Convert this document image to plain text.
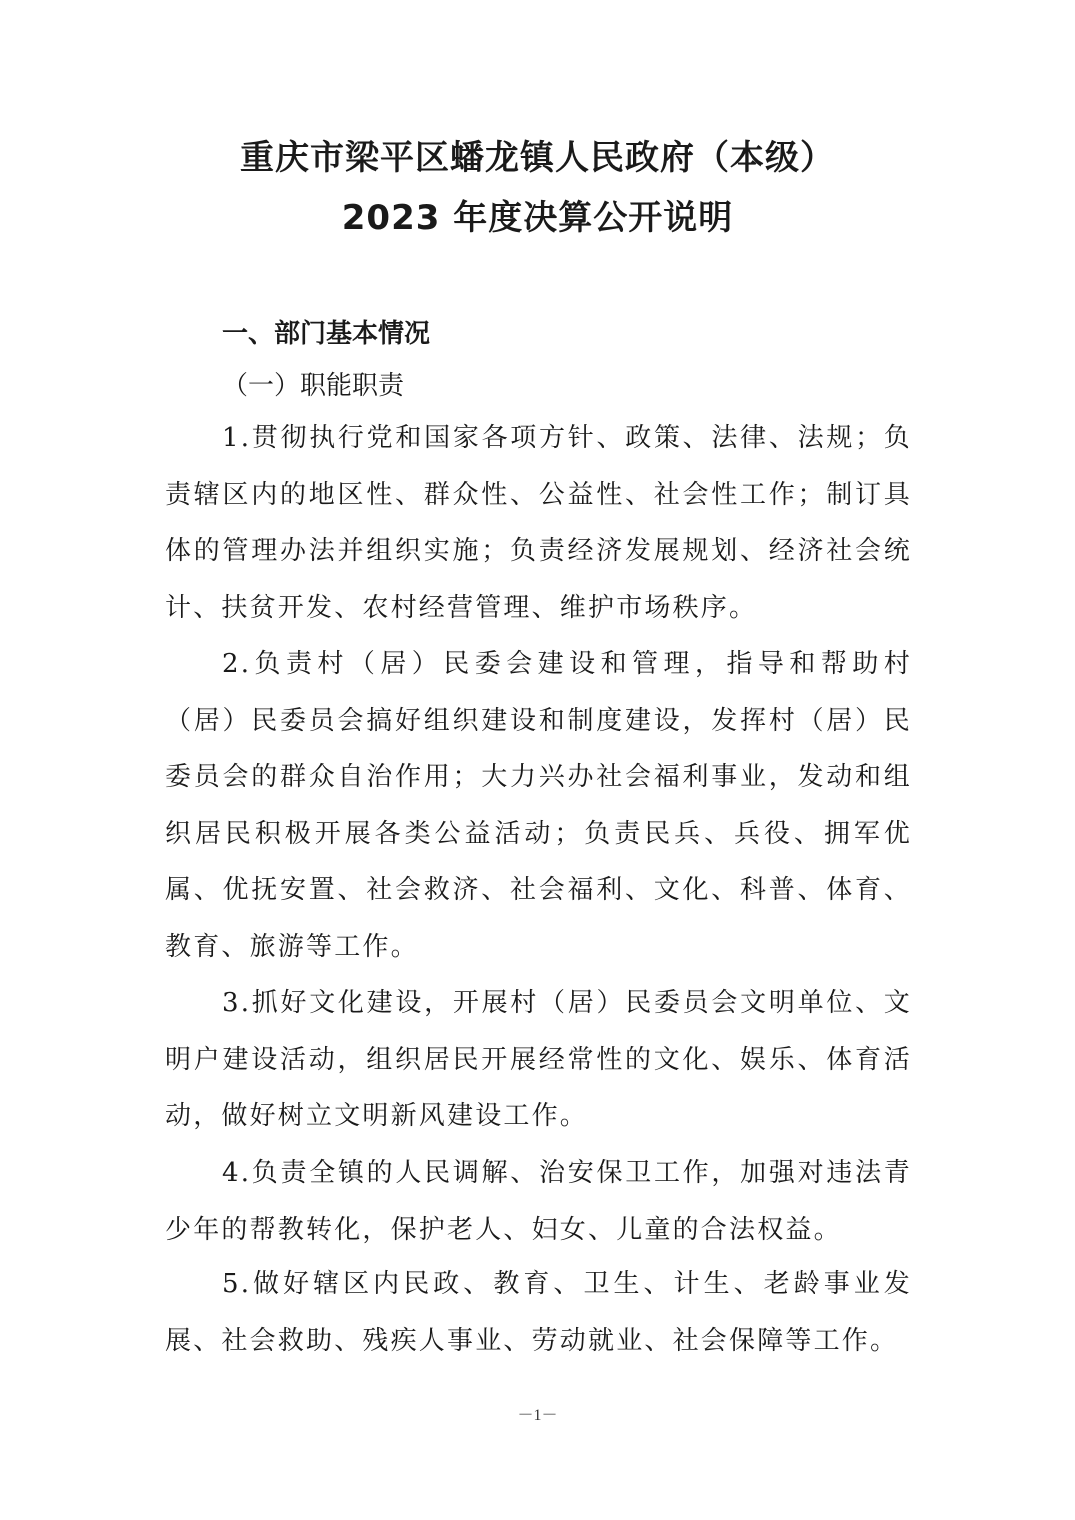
重庆市梁平区蟠龙镇人民政府（本级）
2023 年度决算公开说明
一、部门基本情况
（一）职能职责

1.贯彻执行党和国家各项方针、政策、法律、法规；负责辖区内的地区性、群众性、公益性、社会性工作；制订具体的管理办法并组织实施；负责经济发展规划、经济社会统计、扶贫开发、农村经营管理、维护市场秩序。

2.负责村（居）民委会建设和管理，指导和帮助村（居）民委员会搞好组织建设和制度建设，发挥村（居）民委员会的群众自治作用；大力兴办社会福利事业，发动和组织居民积极开展各类公益活动；负责民兵、兵役、拥军优属、优抚安置、社会救济、社会福利、文化、科普、体育、教育、旅游等工作。

3.抓好文化建设，开展村（居）民委员会文明单位、文明户建设活动，组织居民开展经常性的文化、娱乐、体育活动，做好树立文明新风建设工作。

4.负责全镇的人民调解、治安保卫工作，加强对违法青少年的帮教转化，保护老人、妇女、儿童的合法权益。

5.做好辖区内民政、教育、卫生、计生、老龄事业发展、社会救助、残疾人事业、劳动就业、社会保障等工作。

－1－
